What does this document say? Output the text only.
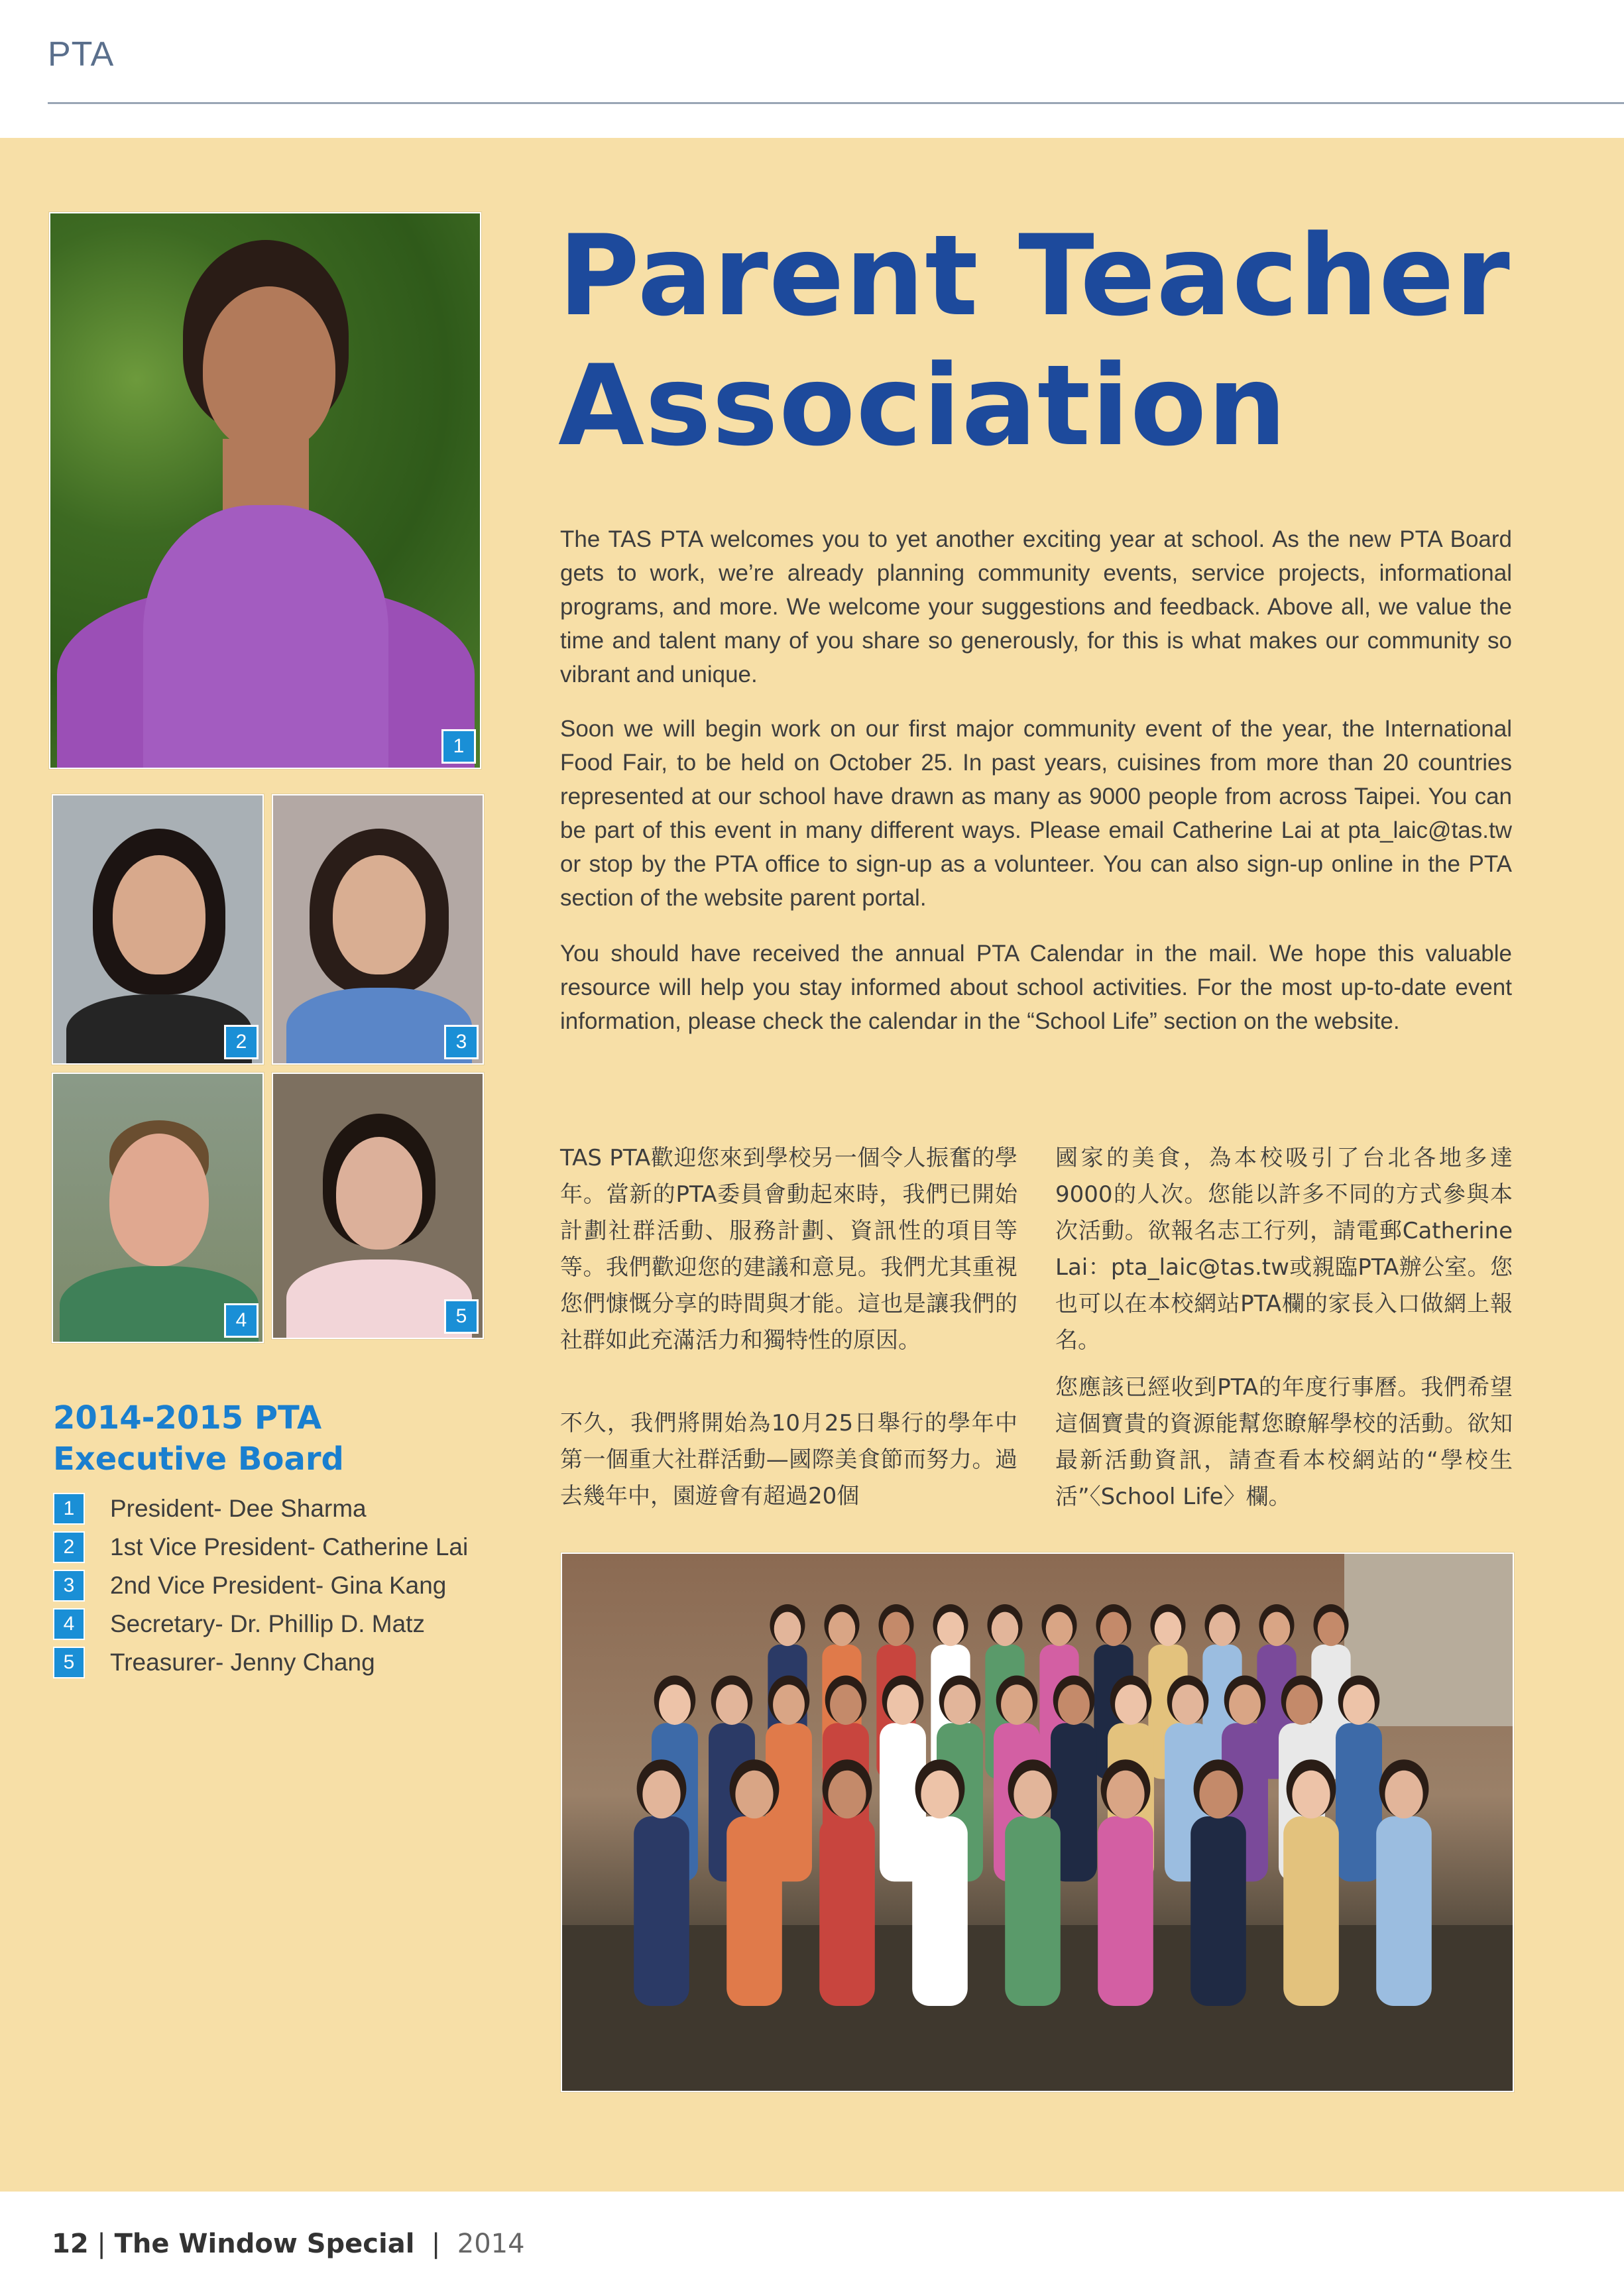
PTA
1
2	3
4	5
Parent Teacher
Association

The TAS PTA welcomes you to yet another exciting year at school. As the new PTA Board gets to work, we’re already planning community events, service projects, informational programs, and more. We welcome your suggestions and feedback. Above all, we value the time and talent many of you share so generously, for this is what makes our community so vibrant and unique.

Soon we will begin work on our first major community event of the year, the International Food Fair, to be held on October 25. In past years, cuisines from more than 20 countries represented at our school have drawn as many as 9000 people from across Taipei. You can be part of this event in many different ways. Please email Catherine Lai at pta_laic@tas.tw or stop by the PTA office to sign-up as a volunteer. You can also sign-up online in the PTA section of the website parent portal.

You should have received the annual PTA Calendar in the mail. We hope this valuable resource will help you stay informed about school activities. For the most up-to-date event information, please check the calendar in the “School Life” section on the website.

TAS PTA歡迎您來到學校另一個令人振奮的學年。當新的PTA委員會動起來時，我們已開始計劃社群活動、服務計劃、資訊性的項目等等。我們歡迎您的建議和意見。我們尤其重視您們慷慨分享的時間與才能。這也是讓我們的社群如此充滿活力和獨特性的原因。

不久，我們將開始為10月25日舉行的學年中第一個重大社群活動—國際美食節而努力。過去幾年中，園遊會有超過20個

國家的美食，為本校吸引了台北各地多達9000的人次。您能以許多不同的方式參與本次活動。欲報名志工行列，請電郵Catherine Lai：pta_laic@tas.tw或親臨PTA辦公室。您也可以在本校網站PTA欄的家長入口做網上報名。

您應該已經收到PTA的年度行事曆。我們希望這個寶貴的資源能幫您瞭解學校的活動。欲知最新活動資訊，請查看本校網站的“學校生活”〈School Life〉欄。

2014-2015 PTA Executive Board
1	President- Dee Sharma
2	1st Vice President- Catherine Lai
3	2nd Vice President- Gina Kang
4	Secretary- Dr. Phillip D. Matz
5	Treasurer- Jenny Chang
12 | The Window Special  |  2014
